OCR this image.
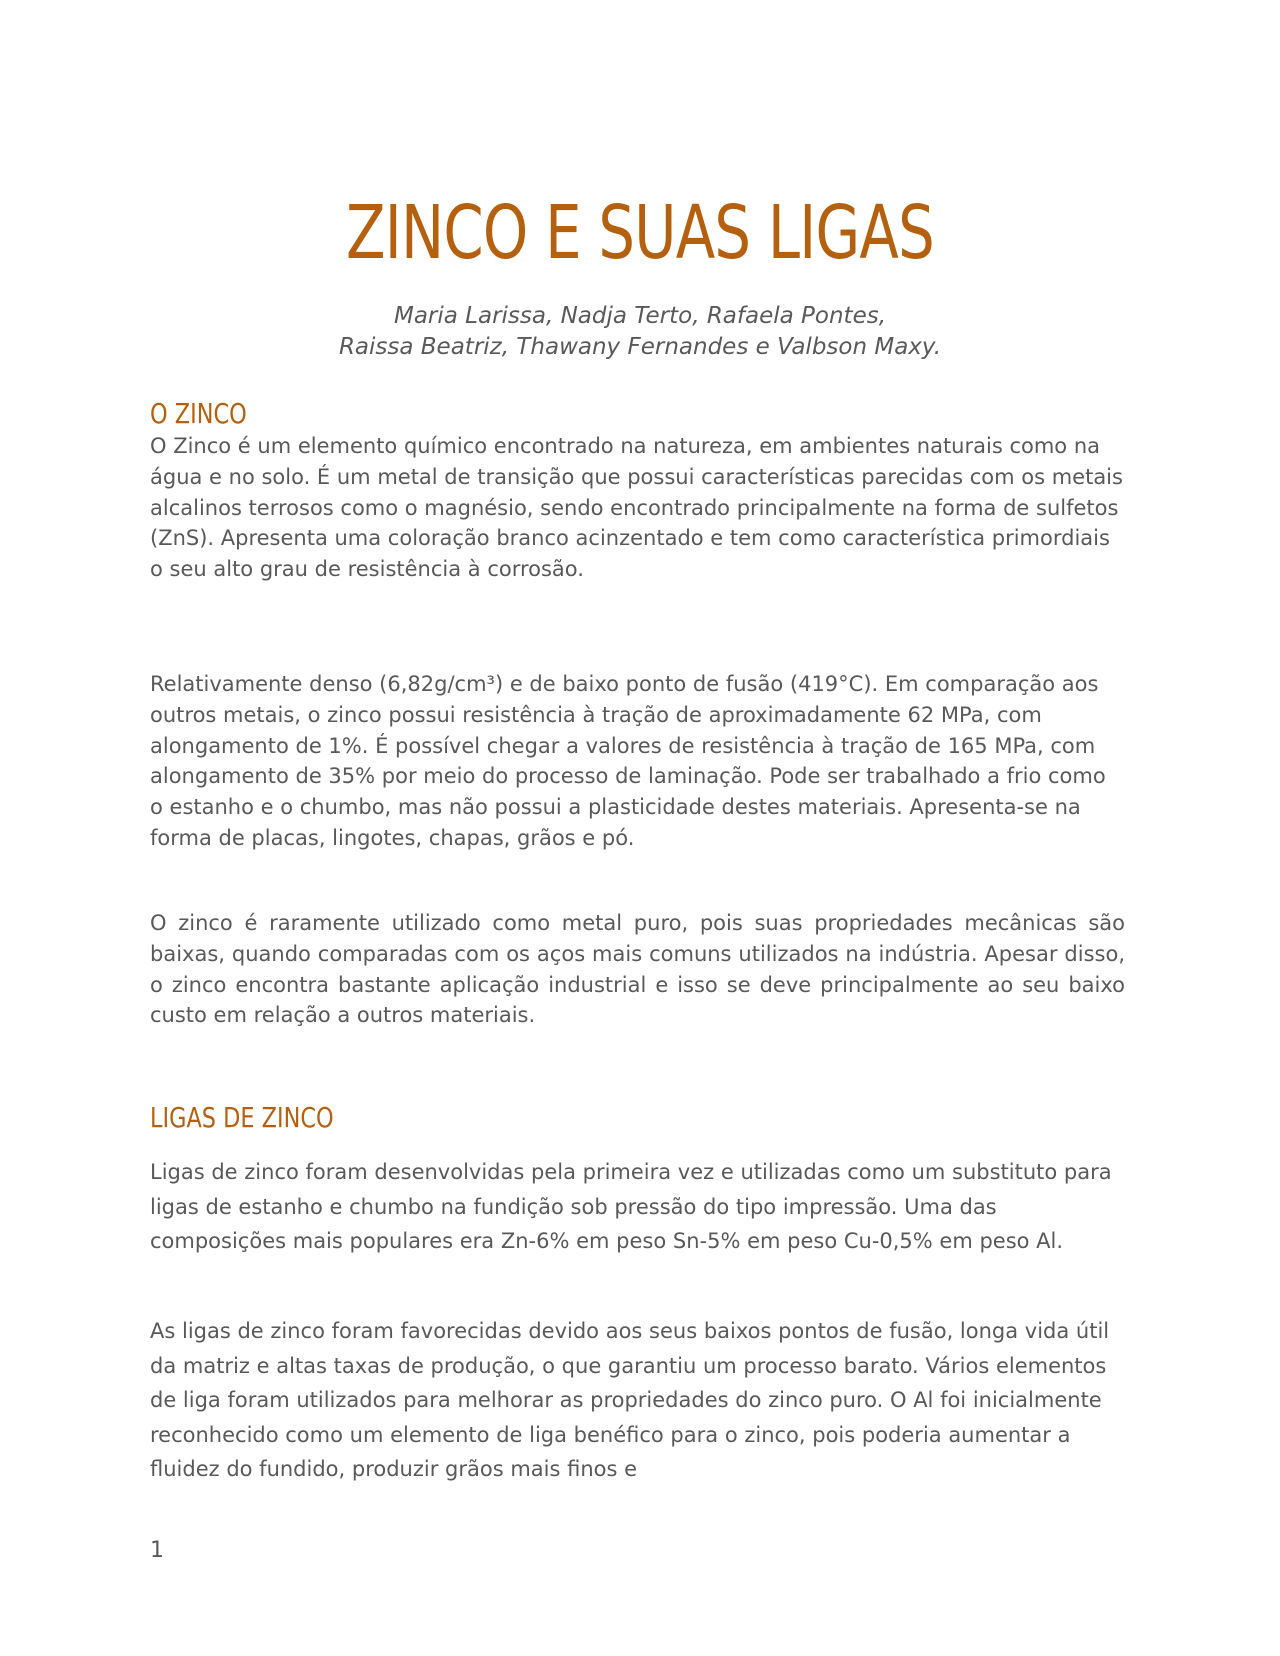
ZINCO E SUAS LIGAS
Maria Larissa, Nadja Terto, Rafaela Pontes,
Raissa Beatriz, Thawany Fernandes e Valbson Maxy.
O ZINCO

O Zinco é um elemento químico encontrado na natureza, em ambientes naturais como na água e no solo. É um metal de transição que possui características parecidas com os metais alcalinos terrosos como o magnésio, sendo encontrado principalmente na forma de sulfetos (ZnS). Apresenta uma coloração branco acinzentado e tem como característica primordiais o seu alto grau de resistência à corrosão.

Relativamente denso (6,82g/cm³) e de baixo ponto de fusão (419°C). Em comparação aos outros metais, o zinco possui resistência à tração de aproximadamente 62 MPa, com alongamento de 1%. É possível chegar a valores de resistência à tração de 165 MPa, com alongamento de 35% por meio do processo de laminação. Pode ser trabalhado a frio como o estanho e o chumbo, mas não possui a plasticidade destes materiais. Apresenta-se na forma de placas, lingotes, chapas, grãos e pó.

O zinco é raramente utilizado como metal puro, pois suas propriedades mecânicas são baixas, quando comparadas com os aços mais comuns utilizados na indústria. Apesar disso, o zinco encontra bastante aplicação industrial e isso se deve principalmente ao seu baixo custo em relação a outros materiais.

LIGAS DE ZINCO

Ligas de zinco foram desenvolvidas pela primeira vez e utilizadas como um substituto para ligas de estanho e chumbo na fundição sob pressão do tipo impressão. Uma das composições mais populares era Zn-6% em peso Sn-5% em peso Cu-0,5% em peso Al.

As ligas de zinco foram favorecidas devido aos seus baixos pontos de fusão, longa vida útil da matriz e altas taxas de produção, o que garantiu um processo barato. Vários elementos de liga foram utilizados para melhorar as propriedades do zinco puro. O Al foi inicialmente reconhecido como um elemento de liga benéfico para o zinco, pois poderia aumentar a fluidez do fundido, produzir grãos mais finos e

1
